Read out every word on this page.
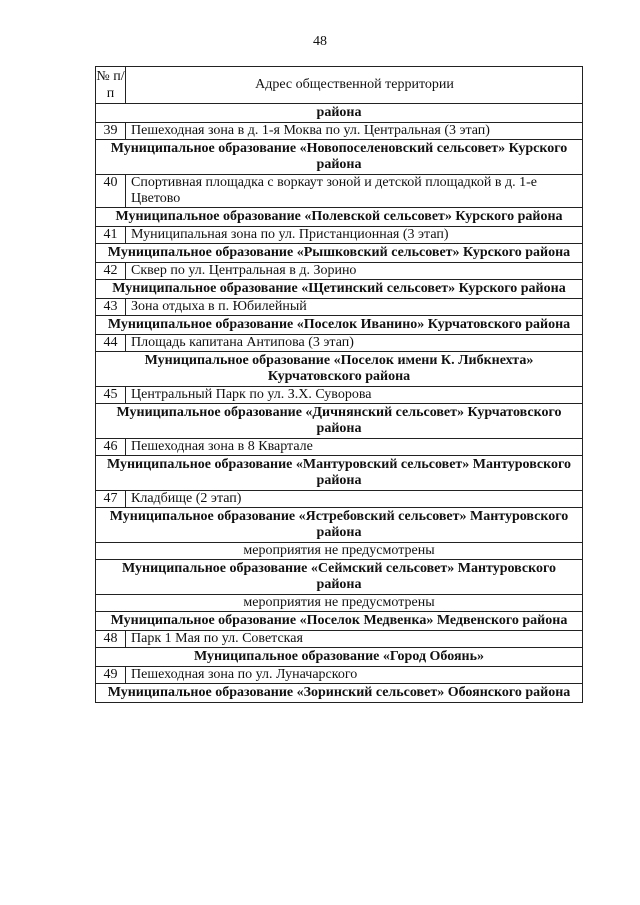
48
№ п/п	Адрес общественной территории
района	
39	Пешеходная зона в д. 1-я Моква по ул. Центральная (3 этап)
Муниципальное образование «Новопоселеновский сельсовет» Курского района	
40	Спортивная площадка с воркаут зоной и детской площадкой в д. 1-е Цветово
Муниципальное образование «Полевской сельсовет» Курского района	
41	Муниципальная зона по ул. Пристанционная (3 этап)
Муниципальное образование «Рышковский сельсовет» Курского района	
42	Сквер по ул. Центральная в д. Зорино
Муниципальное образование «Щетинский сельсовет» Курского района	
43	Зона отдыха в п. Юбилейный
Муниципальное образование «Поселок Иванино» Курчатовского района	
44	Площадь капитана Антипова (3 этап)
Муниципальное образование «Поселок имени К. Либкнехта» Курчатовского района	
45	Центральный Парк по ул. З.Х. Суворова
Муниципальное образование «Дичнянский сельсовет» Курчатовского района	
46	Пешеходная зона в 8 Квартале
Муниципальное образование «Мантуровский сельсовет» Мантуровского района	
47	Кладбище (2 этап)
Муниципальное образование «Ястребовский сельсовет» Мантуровского района	
мероприятия не предусмотрены	
Муниципальное образование «Сеймский сельсовет» Мантуровского района	
мероприятия не предусмотрены	
Муниципальное образование «Поселок Медвенка» Медвенского района	
48	Парк 1 Мая по ул. Советская
Муниципальное образование «Город Обоянь»	
49	Пешеходная зона по ул. Луначарского
Муниципальное образование «Зоринский сельсовет» Обоянского района	
